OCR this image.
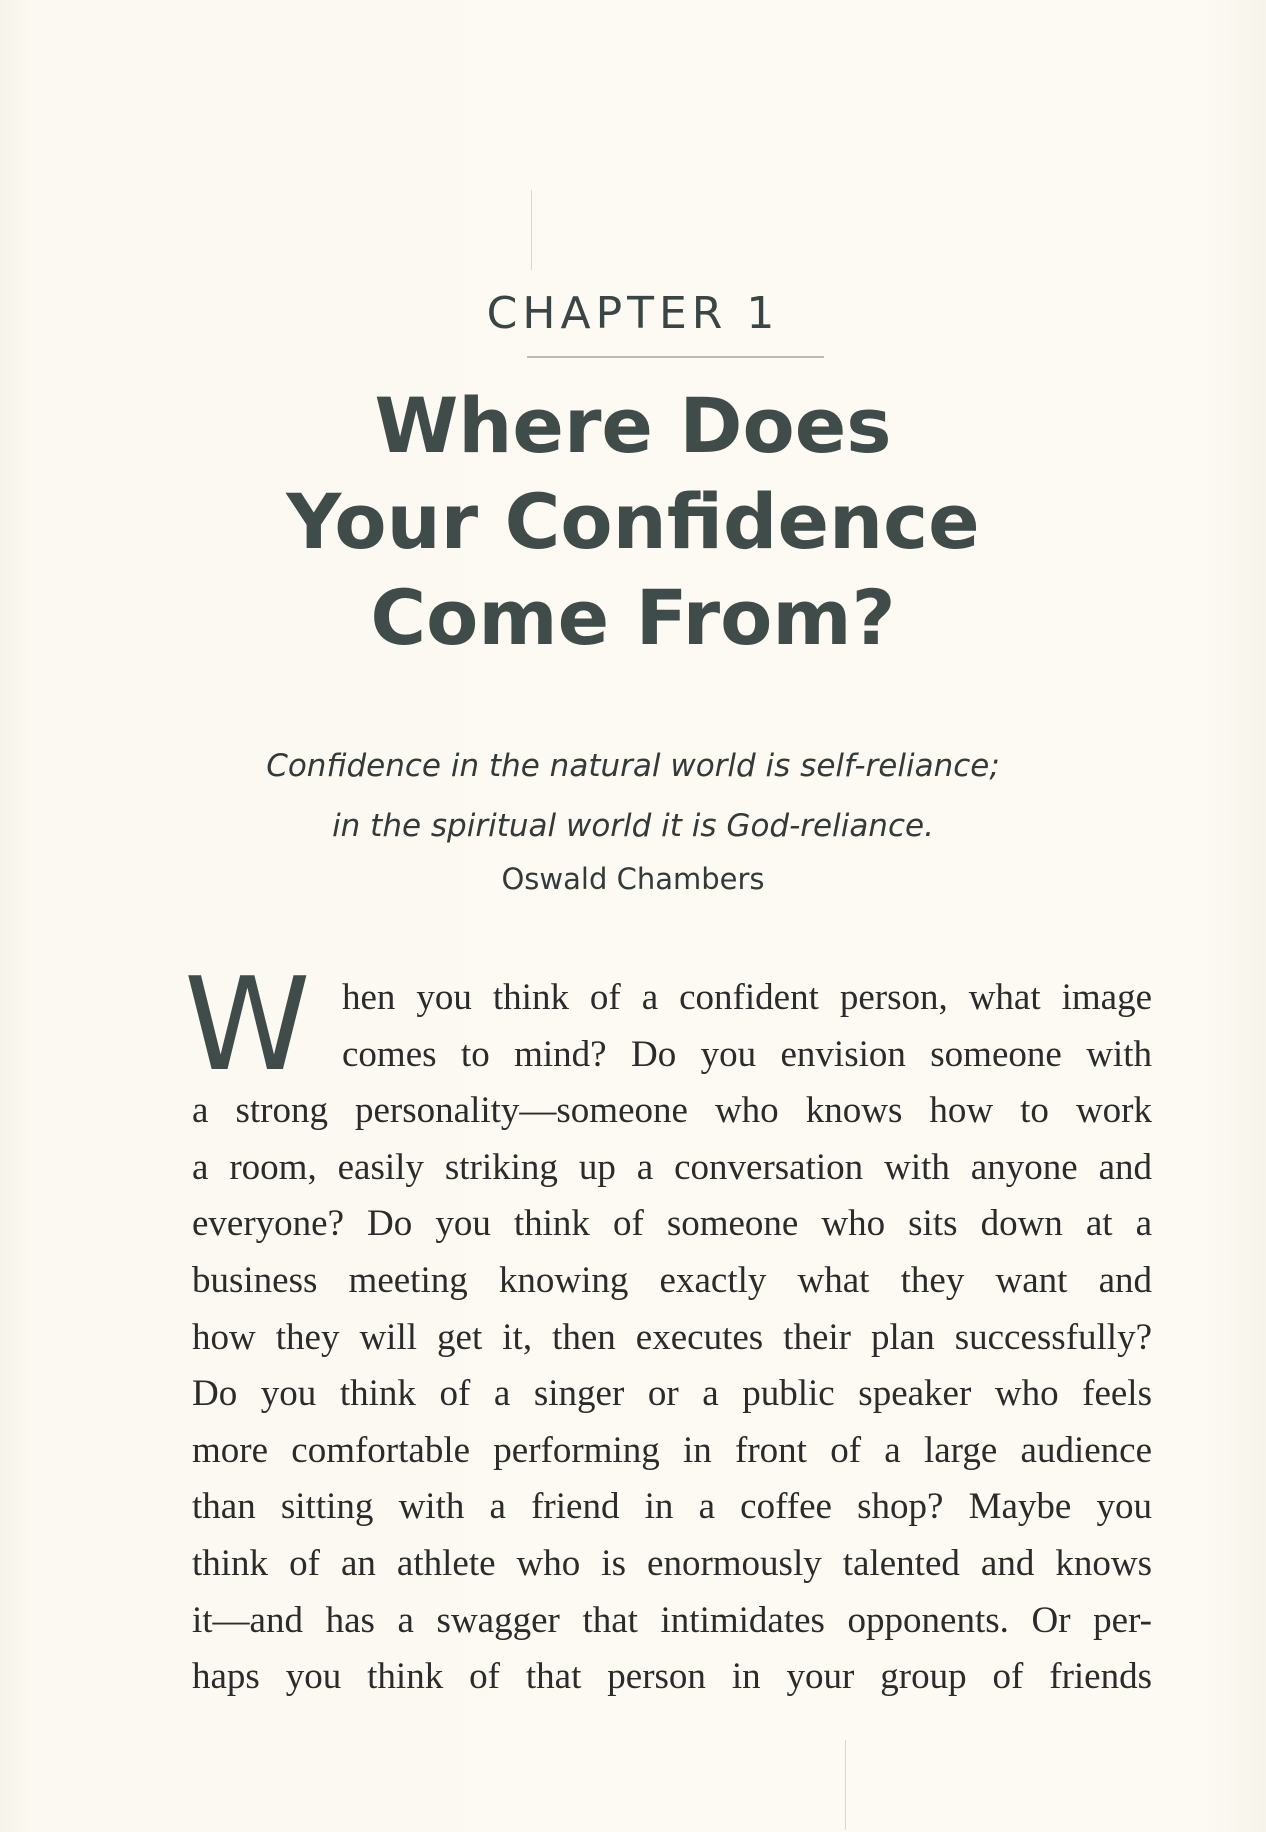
CHAPTER 1
Where Does
Your Confidence
Come From?
Confidence in the natural world is self-reliance;
in the spiritual world it is God-reliance.
Oswald Chambers
W hen you think of a confident person, what image
comes to mind? Do you envision someone with
a strong personality—someone who knows how to work
a room, easily striking up a conversation with anyone and
everyone? Do you think of someone who sits down at a
business meeting knowing exactly what they want and
how they will get it, then executes their plan successfully?
Do you think of a singer or a public speaker who feels
more comfortable performing in front of a large audience
than sitting with a friend in a coffee shop? Maybe you
think of an athlete who is enormously talented and knows
it—and has a swagger that intimidates opponents. Or per-
haps you think of that person in your group of friends
